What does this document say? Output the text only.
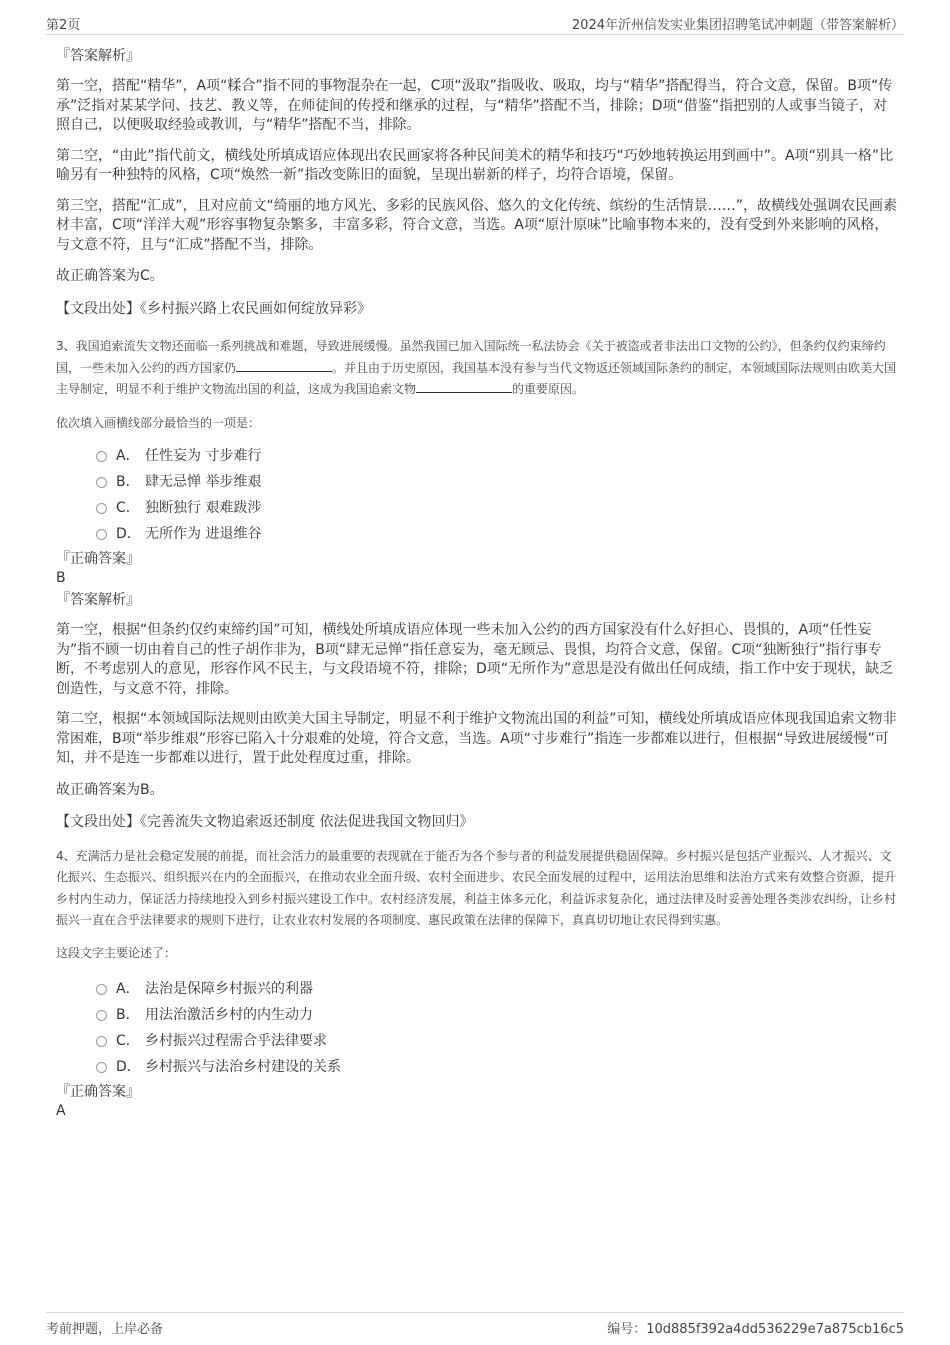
第2页	2024年沂州信发实业集团招聘笔试冲刺题（带答案解析）
『答案解析』

第一空，搭配“精华”，A项“糅合”指不同的事物混杂在一起，C项“汲取”指吸收、吸取，均与“精华”搭配得当，符合文意，保留。B项“传承”泛指对某某学问、技艺、教义等，在师徒间的传授和继承的过程，与“精华”搭配不当，排除；D项“借鉴”指把别的人或事当镜子，对照自己，以便吸取经验或教训，与“精华”搭配不当，排除。

第二空，“由此”指代前文，横线处所填成语应体现出农民画家将各种民间美术的精华和技巧“巧妙地转换运用到画中”。A项“别具一格”比喻另有一种独特的风格，C项“焕然一新”指改变陈旧的面貌，呈现出崭新的样子，均符合语境，保留。

第三空，搭配“汇成”，且对应前文“绮丽的地方风光、多彩的民族风俗、悠久的文化传统、缤纷的生活情景……”，故横线处强调农民画素材丰富，C项“洋洋大观”形容事物复杂繁多，丰富多彩，符合文意，当选。A项“原汁原味”比喻事物本来的，没有受到外来影响的风格，与文意不符，且与“汇成”搭配不当，排除。

故正确答案为C。

【文段出处】《乡村振兴路上农民画如何绽放异彩》

3、我国追索流失文物还面临一系列挑战和难题，导致进展缓慢。虽然我国已加入国际统一私法协会《关于被盗或者非法出口文物的公约》，但条约仅约束缔约国，一些未加入公约的西方国家仍	。并且由于历史原因，我国基本没有参与当代文物返还领域国际条约的制定，本领域国际法规则由欧美大国主导制定，明显不利于维护文物流出国的利益，这成为我国追索文物	的重要原因。

依次填入画横线部分最恰当的一项是：

A． 任性妄为 寸步难行
B． 肆无忌惮 举步维艰
C． 独断独行 艰难跋涉
D． 无所作为 进退维谷
『正确答案』
B
『答案解析』

第一空，根据“但条约仅约束缔约国”可知，横线处所填成语应体现一些未加入公约的西方国家没有什么好担心、畏惧的，A项“任性妄为”指不顾一切由着自己的性子胡作非为，B项“肆无忌惮”指任意妄为，毫无顾忌、畏惧，均符合文意，保留。C项“独断独行”指行事专断，不考虑别人的意见，形容作风不民主，与文段语境不符，排除；D项“无所作为”意思是没有做出任何成绩，指工作中安于现状，缺乏创造性，与文意不符，排除。

第二空，根据“本领域国际法规则由欧美大国主导制定，明显不利于维护文物流出国的利益”可知，横线处所填成语应体现我国追索文物非常困难，B项“举步维艰”形容已陷入十分艰难的处境，符合文意，当选。A项“寸步难行”指连一步都难以进行，但根据“导致进展缓慢”可知，并不是连一步都难以进行，置于此处程度过重，排除。

故正确答案为B。

【文段出处】《完善流失文物追索返还制度 依法促进我国文物回归》

4、充满活力是社会稳定发展的前提，而社会活力的最重要的表现就在于能否为各个参与者的利益发展提供稳固保障。乡村振兴是包括产业振兴、人才振兴、文化振兴、生态振兴、组织振兴在内的全面振兴，在推动农业全面升级、农村全面进步、农民全面发展的过程中，运用法治思维和法治方式来有效整合资源，提升乡村内生动力，保证活力持续地投入到乡村振兴建设工作中。农村经济发展，利益主体多元化，利益诉求复杂化，通过法律及时妥善处理各类涉农纠纷，让乡村振兴一直在合乎法律要求的规则下进行，让农业农村发展的各项制度、惠民政策在法律的保障下，真真切切地让农民得到实惠。

这段文字主要论述了：

A． 法治是保障乡村振兴的利器
B． 用法治激活乡村的内生动力
C． 乡村振兴过程需合乎法律要求
D． 乡村振兴与法治乡村建设的关系
『正确答案』
A
考前押题，上岸必备	编号：10d885f392a4dd536229e7a875cb16c5
